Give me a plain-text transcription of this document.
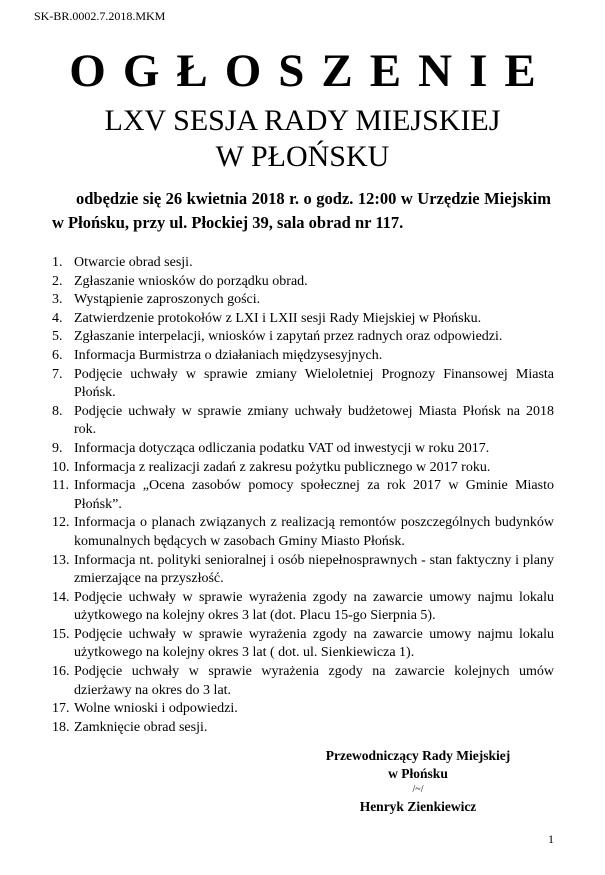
SK-BR.0002.7.2018.MKM
OGŁOSZENIE
LXV SESJA RADY MIEJSKIEJ
W PŁOŃSKU
odbędzie się 26 kwietnia 2018 r. o godz. 12:00 w Urzędzie Miejskim w Płońsku, przy ul. Płockiej 39, sala obrad nr 117.
1. Otwarcie obrad sesji.
2. Zgłaszanie wniosków do porządku obrad.
3. Wystąpienie zaproszonych gości.
4. Zatwierdzenie protokołów z LXI i LXII sesji Rady Miejskiej w Płońsku.
5. Zgłaszanie interpelacji, wniosków i zapytań przez radnych oraz odpowiedzi.
6. Informacja Burmistrza o działaniach międzysesyjnych.
7. Podjęcie uchwały w sprawie zmiany Wieloletniej Prognozy Finansowej Miasta Płońsk.
8. Podjęcie uchwały w sprawie zmiany uchwały budżetowej Miasta Płońsk na 2018 rok.
9. Informacja dotycząca odliczania podatku VAT od inwestycji w roku 2017.
10. Informacja z realizacji zadań z zakresu pożytku publicznego w 2017 roku.
11. Informacja „Ocena zasobów pomocy społecznej za rok 2017 w Gminie Miasto Płońsk”.
12. Informacja o planach związanych z realizacją remontów poszczególnych budynków komunalnych będących w zasobach Gminy Miasto Płońsk.
13. Informacja nt. polityki senioralnej i osób niepełnosprawnych - stan faktyczny i plany zmierzające na przyszłość.
14. Podjęcie uchwały w sprawie wyrażenia zgody na zawarcie umowy najmu lokalu użytkowego na kolejny okres 3 lat (dot. Placu 15-go Sierpnia 5).
15. Podjęcie uchwały w sprawie wyrażenia zgody na zawarcie umowy najmu lokalu użytkowego na kolejny okres 3 lat ( dot. ul. Sienkiewicza 1).
16. Podjęcie uchwały w sprawie wyrażenia zgody na zawarcie kolejnych umów dzierżawy na okres do 3 lat.
17. Wolne wnioski i odpowiedzi.
18. Zamknięcie obrad sesji.
Przewodniczący Rady Miejskiej
w Płońsku
/~/
Henryk Zienkiewicz
1
